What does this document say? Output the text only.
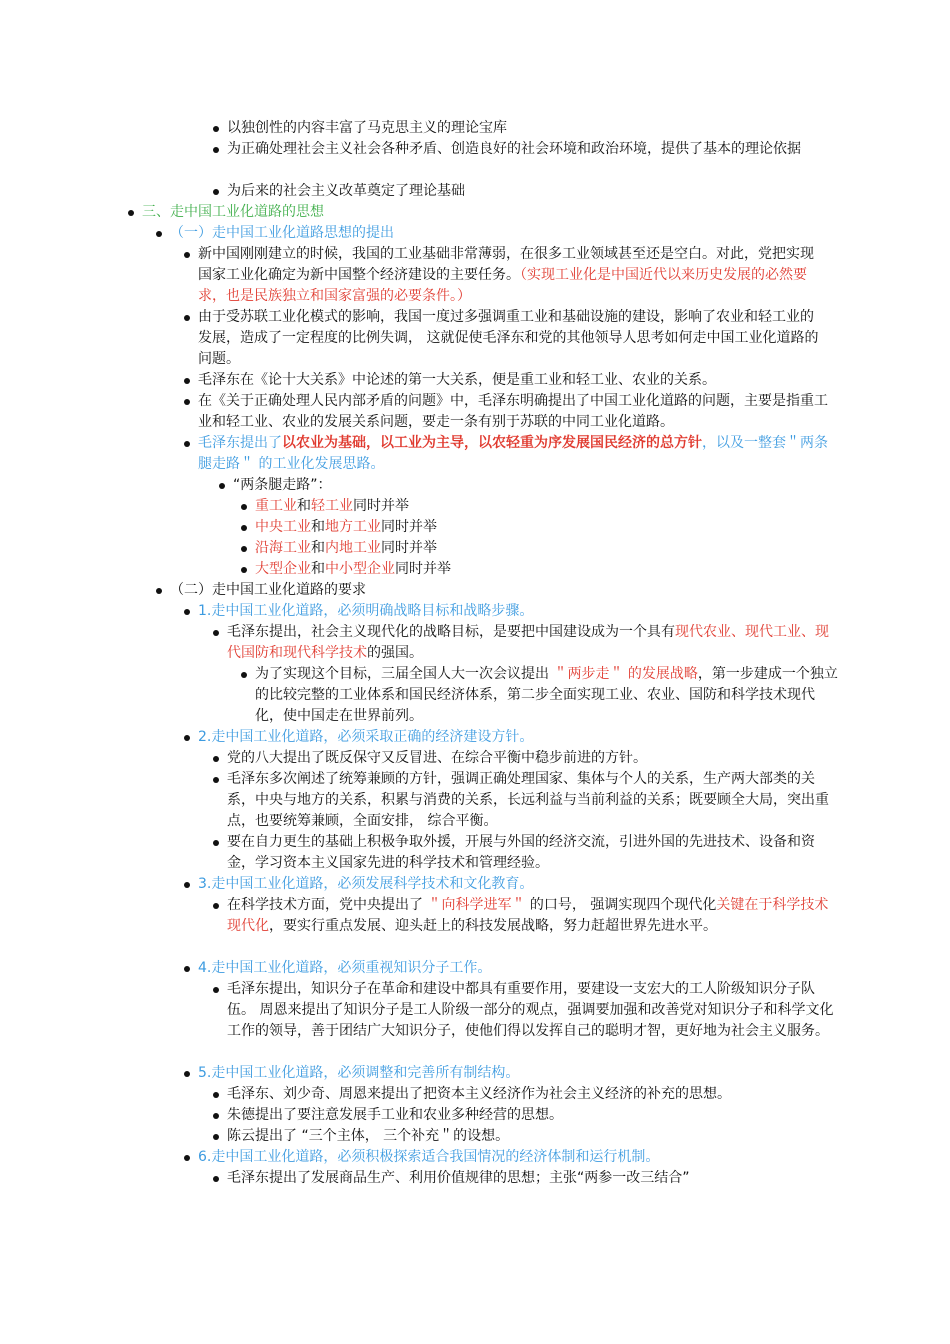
以独创性的内容丰富了马克思主义的理论宝库
为正确处理社会主义社会各种矛盾、创造良好的社会环境和政治环境，提供了基本的理论依据
为后来的社会主义改革奠定了理论基础
三、走中国工业化道路的思想
（一）走中国工业化道路思想的提出
新中国刚刚建立的时候，我国的工业基础非常薄弱，在很多工业领域甚至还是空白。对此，党把实现国家工业化确定为新中国整个经济建设的主要任务。（实现工业化是中国近代以来历史发展的必然要求，也是民族独立和国家富强的必要条件。）
由于受苏联工业化模式的影响，我国一度过多强调重工业和基础设施的建设，影响了农业和轻工业的发展，造成了一定程度的比例失调， 这就促使毛泽东和党的其他领导人思考如何走中国工业化道路的问题。
毛泽东在《论十大关系》中论述的第一大关系，便是重工业和轻工业、农业的关系。
在《关于正确处理人民内部矛盾的问题》中，毛泽东明确提出了中国工业化道路的问题，主要是指重工业和轻工业、农业的发展关系问题，要走一条有别于苏联的中同工业化道路。
毛泽东提出了以农业为基础，以工业为主导，以农轻重为序发展国民经济的总方针，以及一整套＂两条腿走路＂ 的工业化发展思路。
“两条腿走路”：
重工业和轻工业同时并举
中央工业和地方工业同时并举
沿海工业和内地工业同时并举
大型企业和中小型企业同时并举
（二）走中国工业化道路的要求
1.走中国工业化道路，必须明确战略目标和战略步骤。
毛泽东提出，社会主义现代化的战略目标，是要把中国建设成为一个具有现代农业、现代工业、现代国防和现代科学技术的强国。
为了实现这个目标，三届全国人大一次会议提出 ＂两步走＂ 的发展战略，第一步建成一个独立的比较完整的工业体系和国民经济体系，第二步全面实现工业、农业、国防和科学技术现代化，使中国走在世界前列。
2.走中国工业化道路，必须采取正确的经济建设方针。
党的八大提出了既反保守又反冒进、在综合平衡中稳步前进的方针。
毛泽东多次阐述了统筹兼顾的方针，强调正确处理国家、集体与个人的关系，生产两大部类的关系，中央与地方的关系，积累与消费的关系，长远利益与当前利益的关系；既要顾全大局，突出重点，也要统筹兼顾，全面安排， 综合平衡。
要在自力更生的基础上积极争取外援，开展与外国的经济交流，引进外国的先进技术、设备和资金，学习资本主义国家先进的科学技术和管理经验。
3.走中国工业化道路，必须发展科学技术和文化教育。
在科学技术方面，党中央提出了 ＂向科学进军＂ 的口号， 强调实现四个现代化关键在于科学技术现代化，要实行重点发展、迎头赶上的科技发展战略，努力赶超世界先进水平。
4.走中国工业化道路，必须重视知识分子工作。
毛泽东提出，知识分子在革命和建设中都具有重要作用，要建设一支宏大的工人阶级知识分子队伍。 周恩来提出了知识分子是工人阶级一部分的观点，强调要加强和改善党对知识分子和科学文化工作的领导，善于团结广大知识分子，使他们得以发挥自己的聪明才智，更好地为社会主义服务。
5.走中国工业化道路，必须调整和完善所有制结构。
毛泽东、刘少奇、周恩来提出了把资本主义经济作为社会主义经济的补充的思想。
朱德提出了要注意发展手工业和农业多种经营的思想。
陈云提出了 “三个主体， 三个补充＂的设想。
6.走中国工业化道路，必须积极探索适合我国情况的经济体制和运行机制。
毛泽东提出了发展商品生产、利用价值规律的思想；主张“两参一改三结合”
